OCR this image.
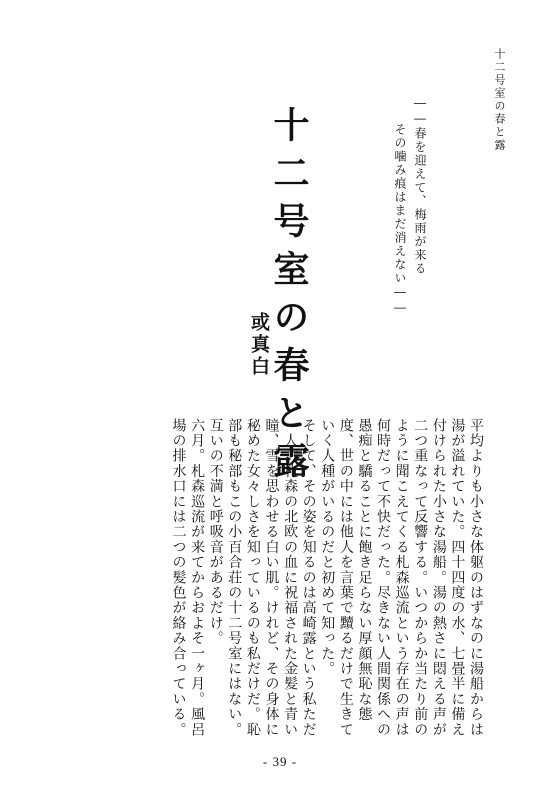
十二号室の春と露
――春を迎えて、梅雨が来る
　　その噛み痕はまだ消えない――
十二号室の春と露
或真白

平均よりも小さな体躯のはずなのに湯船からは湯が溢れていた。四十四度の水、七畳半に備え付けられた小さな湯船。湯の熱さに悶える声が二つ重なって反響する。いつからか当たり前のように聞こえてくる札森巡流という存在の声は何時だって不快だった。尽きない人間関係への愚痴と驕ることに飽き足らない厚顔無恥な態度、世の中には他人を言葉で黷るだけで生きていく人種がいるのだと初めて知った。

そして、その姿を知るのは高崎露という私ただ一人。札森の北欧の血に祝福された金髪と青い瞳、雪を思わせる白い肌。けれど、その身体に秘めた女々しさを知っているのも私だけだ。恥部も秘部もこの小百合荘の十二号室にはない。互いの不満と呼吸音があるだけ。

六月。札森巡流が来てからおよそ一ヶ月。風呂場の排水口には二つの髪色が絡み合っている。

- 39 -
